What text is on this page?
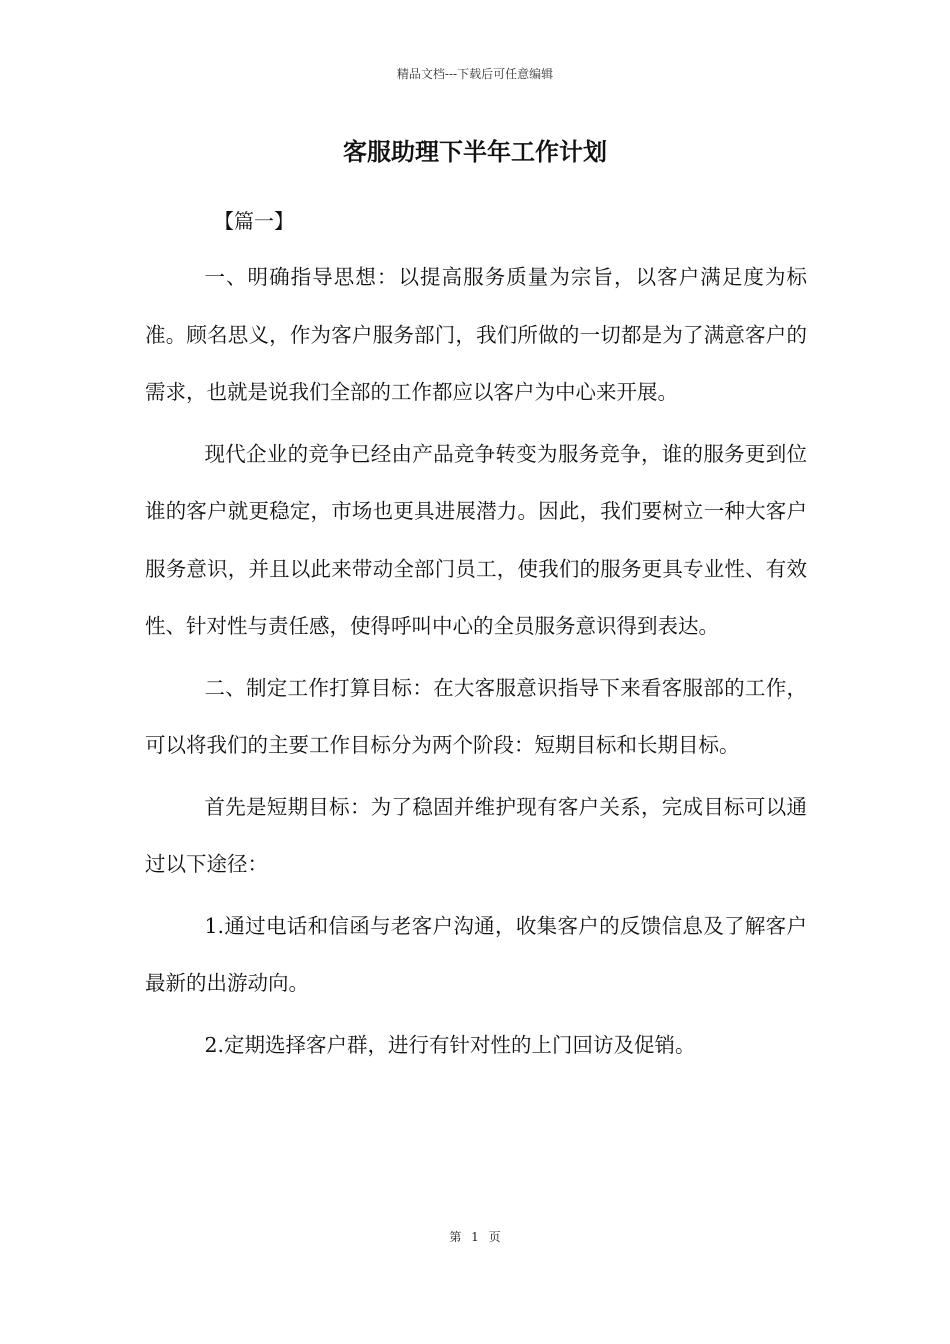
精品文档---下载后可任意编辑
客服助理下半年工作计划

【篇一】

一、明确指导思想：以提高服务质量为宗旨，以客户满足度为标准。顾名思义，作为客户服务部门，我们所做的一切都是为了满意客户的需求，也就是说我们全部的工作都应以客户为中心来开展。

现代企业的竞争已经由产品竞争转变为服务竞争，谁的服务更到位谁的客户就更稳定，市场也更具进展潜力。因此，我们要树立一种大客户服务意识，并且以此来带动全部门员工，使我们的服务更具专业性、有效性、针对性与责任感，使得呼叫中心的全员服务意识得到表达。

二、制定工作打算目标：在大客服意识指导下来看客服部的工作，可以将我们的主要工作目标分为两个阶段：短期目标和长期目标。

首先是短期目标：为了稳固并维护现有客户关系，完成目标可以通过以下途径：

1.通过电话和信函与老客户沟通，收集客户的反馈信息及了解客户最新的出游动向。

2.定期选择客户群，进行有针对性的上门回访及促销。

第 1 页
